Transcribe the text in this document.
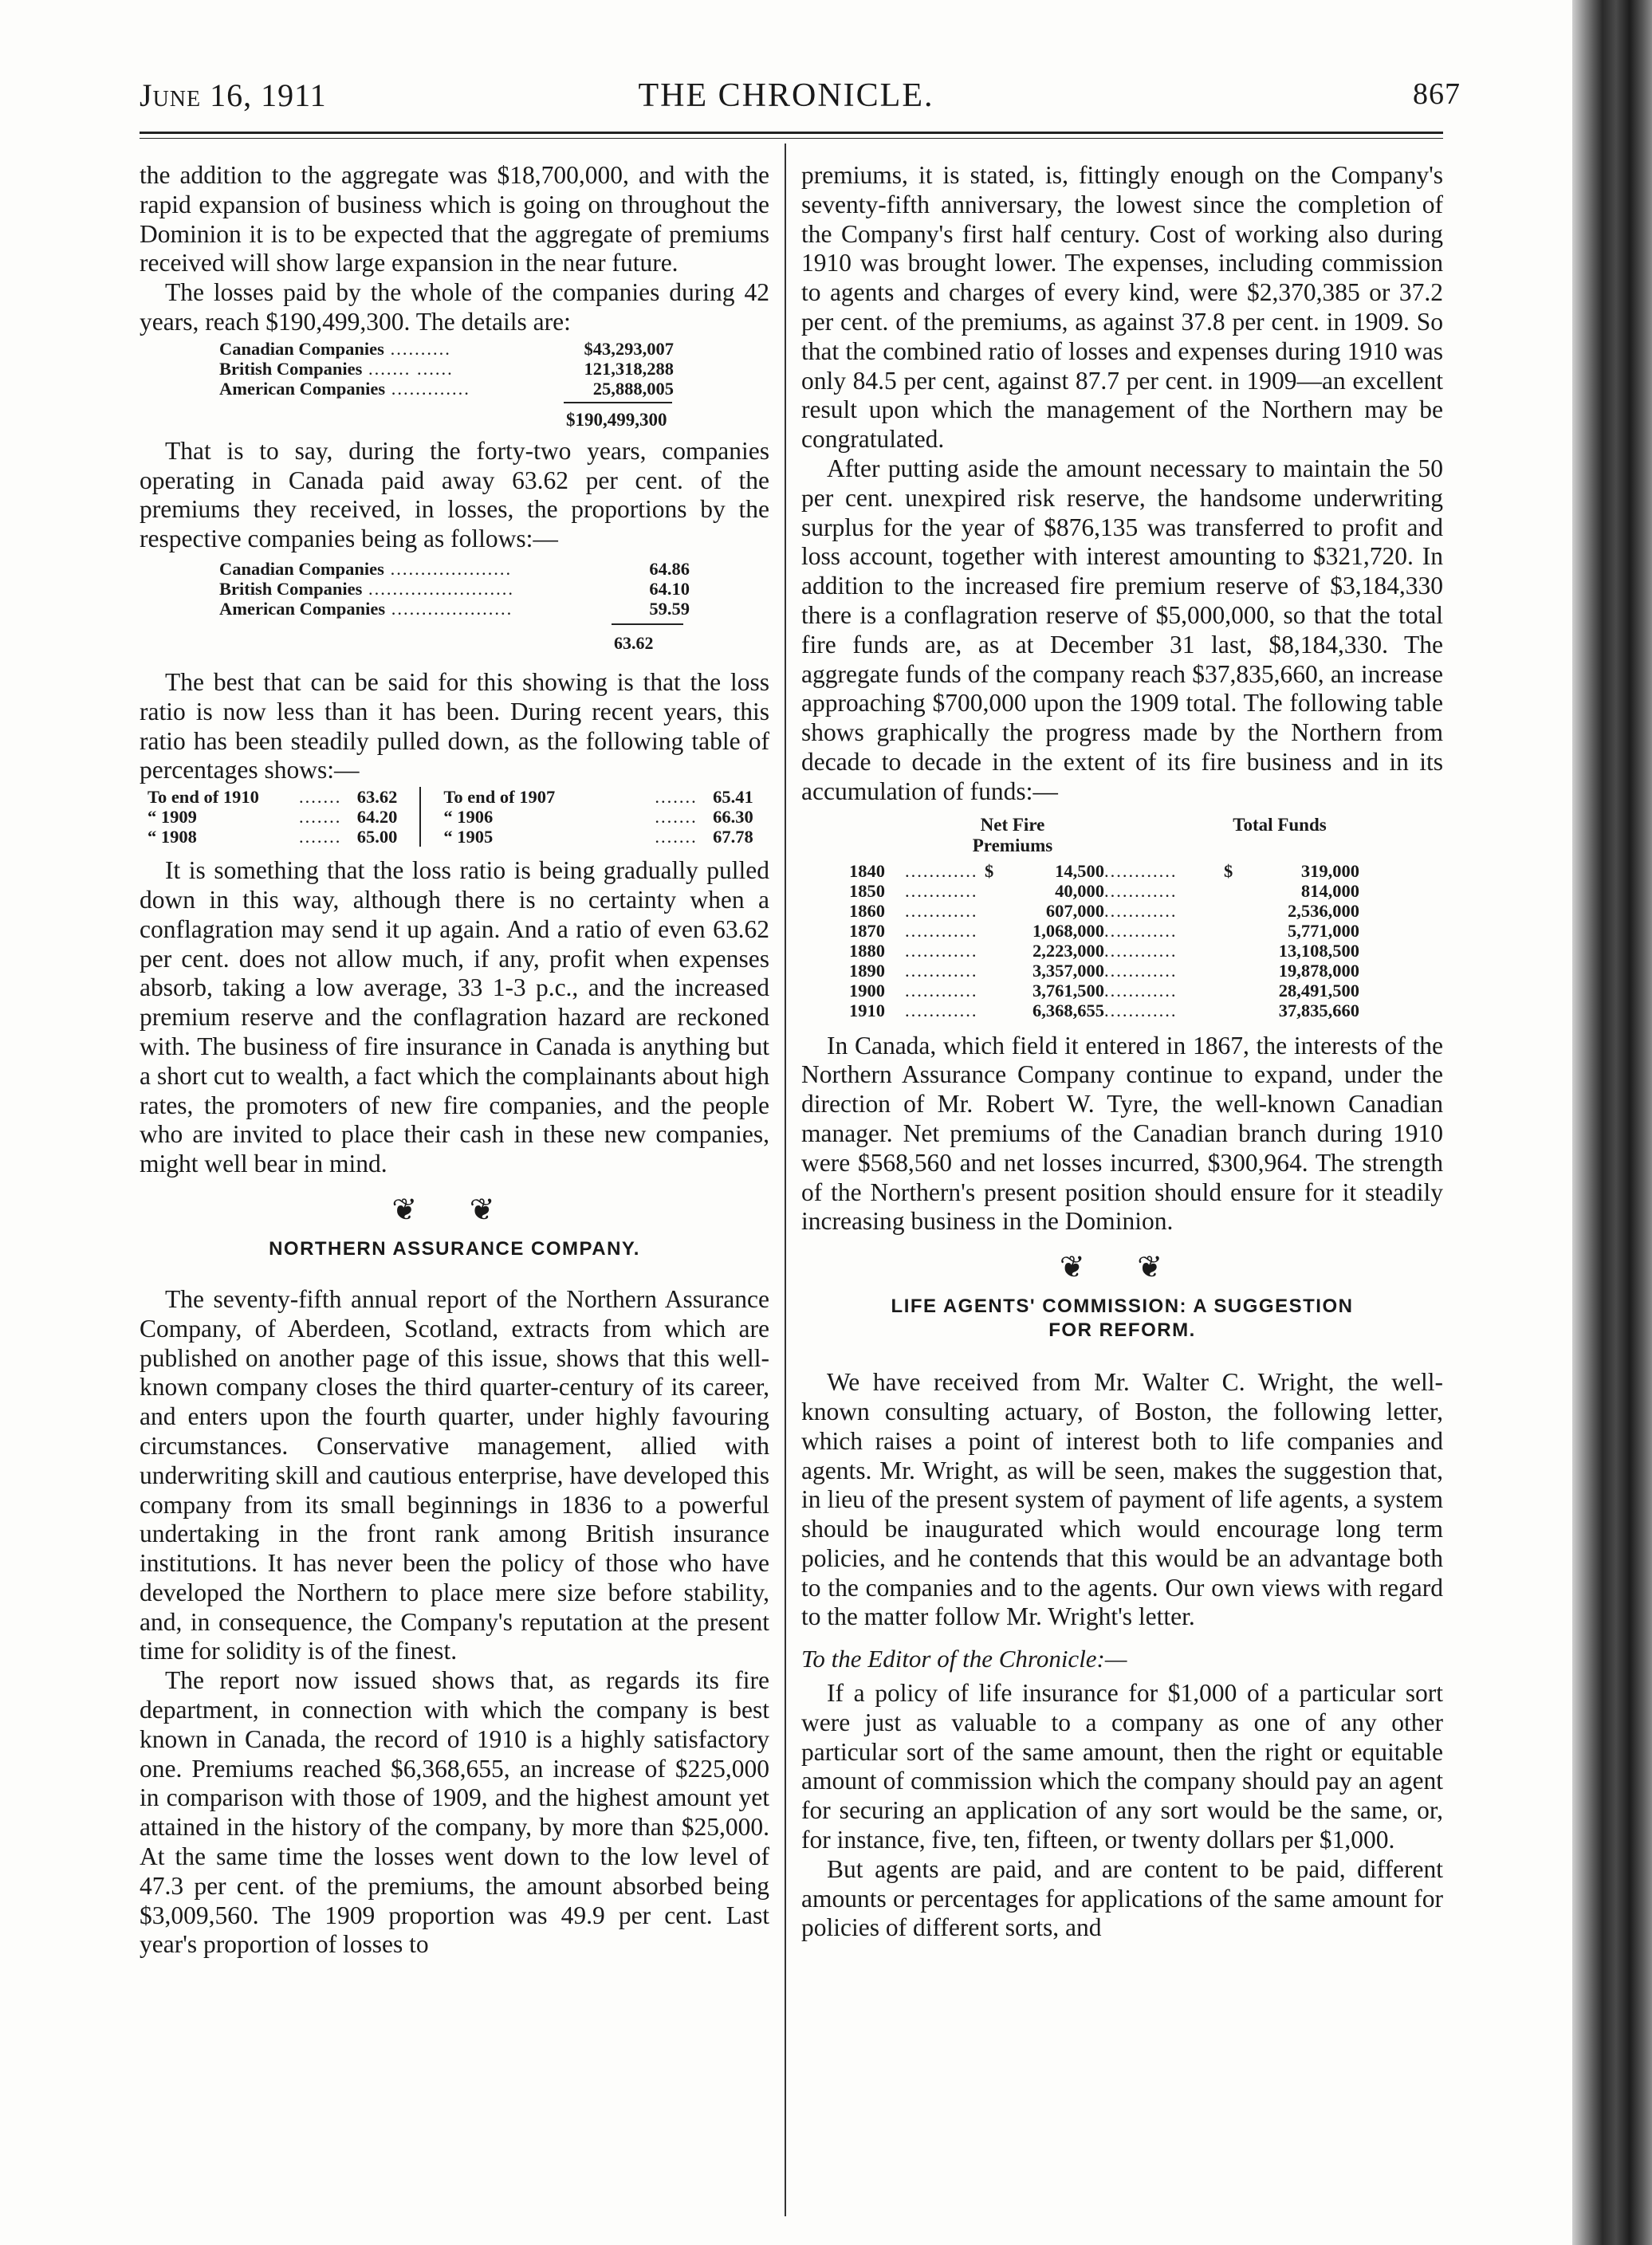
THE CHRONICLE.
June 16, 1911	867

the addition to the aggregate was $18,700,000, and with the rapid expansion of business which is going on throughout the Dominion it is to be expected that the aggregate of premiums received will show large expansion in the near future.

The losses paid by the whole of the companies during 42 years, reach $190,499,300. The details are:

Canadian Companies ..........	$43,293,007
British Companies ....... ......	121,318,288
American Companies .............	25,888,005
$190,499,300

That is to say, during the forty-two years, companies operating in Canada paid away 63.62 per cent. of the premiums they received, in losses, the proportions by the respective companies being as follows:—

Canadian Companies ....................	64.86
British Companies ........................	64.10
American Companies ....................	59.59
63.62

The best that can be said for this showing is that the loss ratio is now less than it has been. During recent years, this ratio has been steadily pulled down, as the following table of percentages shows:—

To end of 1910	....... 63.62
“ 1909	....... 64.20
“ 1908	....... 65.00
To end of 1907	....... 65.41
“ 1906	....... 66.30
“ 1905	....... 67.78

It is something that the loss ratio is being gradually pulled down in this way, although there is no certainty when a conflagration may send it up again. And a ratio of even 63.62 per cent. does not allow much, if any, profit when expenses absorb, taking a low average, 33 1-3 p.c., and the increased premium reserve and the conflagration hazard are reckoned with. The business of fire insurance in Canada is anything but a short cut to wealth, a fact which the complainants about high rates, the promoters of new fire companies, and the people who are invited to place their cash in these new companies, might well bear in mind.

❦ ❦
NORTHERN ASSURANCE COMPANY.

The seventy-fifth annual report of the Northern Assurance Company, of Aberdeen, Scotland, extracts from which are published on another page of this issue, shows that this well-known company closes the third quarter-century of its career, and enters upon the fourth quarter, under highly favouring circumstances. Conservative management, allied with underwriting skill and cautious enterprise, have developed this company from its small beginnings in 1836 to a powerful undertaking in the front rank among British insurance institutions. It has never been the policy of those who have developed the Northern to place mere size before stability, and, in consequence, the Company's reputation at the present time for solidity is of the finest.

The report now issued shows that, as regards its fire department, in connection with which the company is best known in Canada, the record of 1910 is a highly satisfactory one. Premiums reached $6,368,655, an increase of $225,000 in comparison with those of 1909, and the highest amount yet attained in the history of the company, by more than $25,000. At the same time the losses went down to the low level of 47.3 per cent. of the premiums, the amount absorbed being $3,009,560. The 1909 proportion was 49.9 per cent. Last year's proportion of losses to

premiums, it is stated, is, fittingly enough on the Company's seventy-fifth anniversary, the lowest since the completion of the Company's first half century. Cost of working also during 1910 was brought lower. The expenses, including commission to agents and charges of every kind, were $2,370,385 or 37.2 per cent. of the premiums, as against 37.8 per cent. in 1909. So that the combined ratio of losses and expenses during 1910 was only 84.5 per cent, against 87.7 per cent. in 1909—an excellent result upon which the management of the Northern may be congratulated.

After putting aside the amount necessary to maintain the 50 per cent. unexpired risk reserve, the handsome underwriting surplus for the year of $876,135 was transferred to profit and loss account, together with interest amounting to $321,720. In addition to the increased fire premium reserve of $3,184,330 there is a conflagration reserve of $5,000,000, so that the total fire funds are, as at December 31 last, $8,184,330. The aggregate funds of the company reach $37,835,660, an increase approaching $700,000 upon the 1909 total. The following table shows graphically the progress made by the Northern from decade to decade in the extent of its fire business and in its accumulation of funds:—

Net Fire Premiums
Total Funds
1840	............	$	14,500	............	$	319,000
1850	............		40,000	............		814,000
1860	............		607,000	............		2,536,000
1870	............		1,068,000	............		5,771,000
1880	............		2,223,000	............		13,108,500
1890	............		3,357,000	............		19,878,000
1900	............		3,761,500	............		28,491,500
1910	............		6,368,655	............		37,835,660

In Canada, which field it entered in 1867, the interests of the Northern Assurance Company continue to expand, under the direction of Mr. Robert W. Tyre, the well-known Canadian manager. Net premiums of the Canadian branch during 1910 were $568,560 and net losses incurred, $300,964. The strength of the Northern's present position should ensure for it steadily increasing business in the Dominion.

❦ ❦
LIFE AGENTS' COMMISSION: A SUGGESTION
FOR REFORM.

We have received from Mr. Walter C. Wright, the well-known consulting actuary, of Boston, the following letter, which raises a point of interest both to life companies and agents. Mr. Wright, as will be seen, makes the suggestion that, in lieu of the present system of payment of life agents, a system should be inaugurated which would encourage long term policies, and he contends that this would be an advantage both to the companies and to the agents. Our own views with regard to the matter follow Mr. Wright's letter.

To the Editor of the Chronicle:—

If a policy of life insurance for $1,000 of a particular sort were just as valuable to a company as one of any other particular sort of the same amount, then the right or equitable amount of commission which the company should pay an agent for securing an application of any sort would be the same, or, for instance, five, ten, fifteen, or twenty dollars per $1,000.

But agents are paid, and are content to be paid, different amounts or percentages for applications of the same amount for policies of different sorts, and
